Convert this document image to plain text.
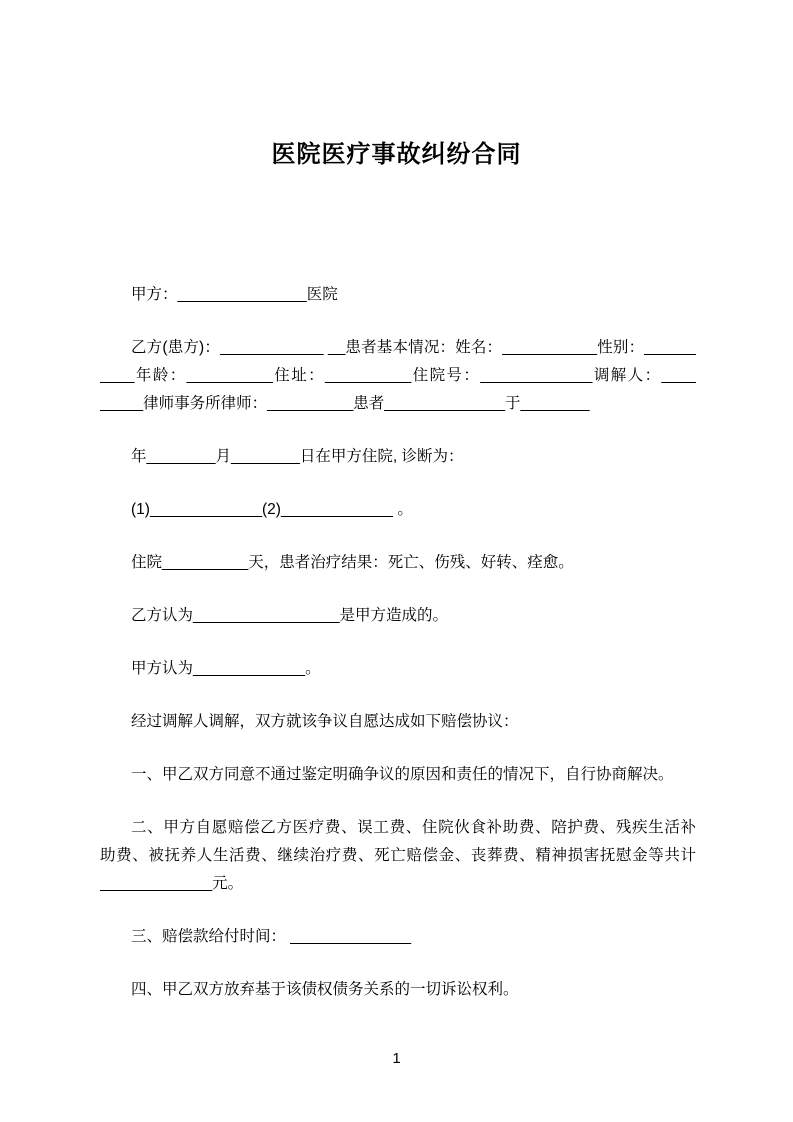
医院医疗事故纠纷合同
甲方：_______________医院
乙方(患方)：____________ __患者基本情况：姓名：___________性别：______
____年龄：__________住址：__________住院号：_____________调解人：____
_____律师事务所律师：__________患者______________于________
年________月________日在甲方住院, 诊断为：
(1)_____________(2)_____________ 。
住院__________天，患者治疗结果：死亡、伤残、好转、痊愈。
乙方认为_________________是甲方造成的。
甲方认为_____________。
经过调解人调解，双方就该争议自愿达成如下赔偿协议：
一、甲乙双方同意不通过鉴定明确争议的原因和责任的情况下，自行协商解决。
二、甲方自愿赔偿乙方医疗费、误工费、住院伙食补助费、陪护费、残疾生活补
助费、被抚养人生活费、继续治疗费、死亡赔偿金、丧葬费、精神损害抚慰金等共计
_____________元。
三、赔偿款给付时间： ______________
四、甲乙双方放弃基于该债权债务关系的一切诉讼权利。
1
